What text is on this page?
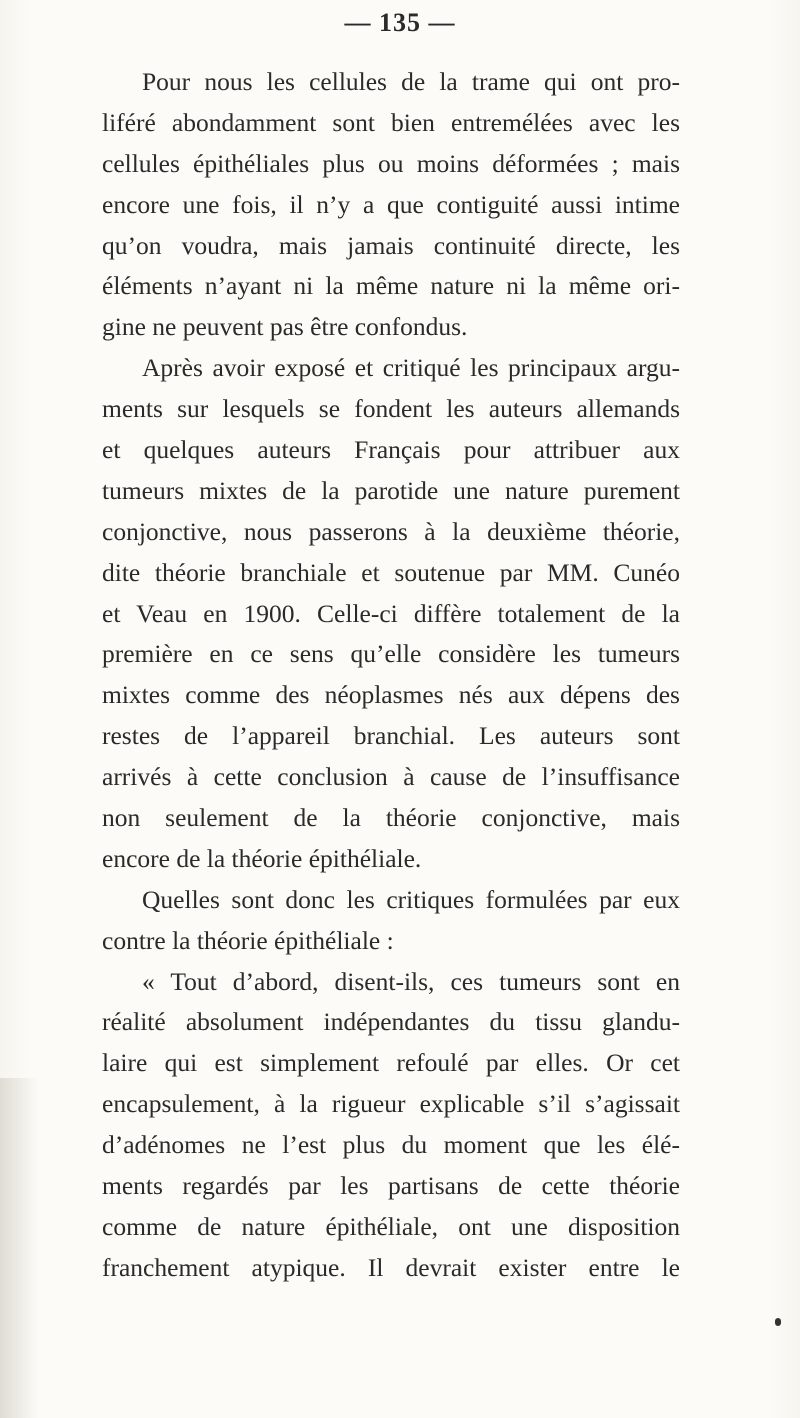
— 135 —
Pour nous les cellules de la trame qui ont pro-
liféré abondamment sont bien entremélées avec les
cellules épithéliales plus ou moins déformées ; mais
encore une fois, il n’y a que contiguité aussi intime
qu’on voudra, mais jamais continuité directe, les
éléments n’ayant ni la même nature ni la même ori-
gine ne peuvent pas être confondus.
Après avoir exposé et critiqué les principaux argu-
ments sur lesquels se fondent les auteurs allemands
et quelques auteurs Français pour attribuer aux
tumeurs mixtes de la parotide une nature purement
conjonctive, nous passerons à la deuxième théorie,
dite théorie branchiale et soutenue par MM. Cunéo
et Veau en 1900. Celle-ci diffère totalement de la
première en ce sens qu’elle considère les tumeurs
mixtes comme des néoplasmes nés aux dépens des
restes de l’appareil branchial. Les auteurs sont
arrivés à cette conclusion à cause de l’insuffisance
non seulement de la théorie conjonctive, mais
encore de la théorie épithéliale.
Quelles sont donc les critiques formulées par eux
contre la théorie épithéliale :
« Tout d’abord, disent-ils, ces tumeurs sont en
réalité absolument indépendantes du tissu glandu-
laire qui est simplement refoulé par elles. Or cet
encapsulement, à la rigueur explicable s’il s’agissait
d’adénomes ne l’est plus du moment que les élé-
ments regardés par les partisans de cette théorie
comme de nature épithéliale, ont une disposition
franchement atypique. Il devrait exister entre le
